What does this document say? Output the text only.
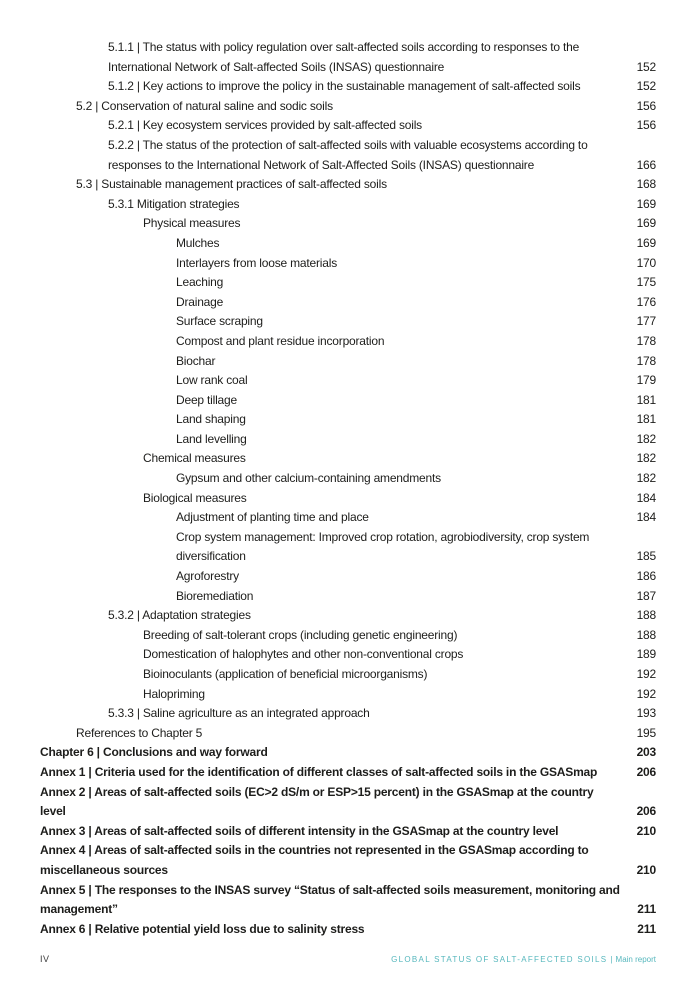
5.1.1 | The status with policy regulation over salt-affected soils according to responses to the International Network of Salt-affected Soils (INSAS) questionnaire	152
5.1.2 | Key actions to improve the policy in the sustainable management of salt-affected soils	152
5.2 | Conservation of natural saline and sodic soils	156
5.2.1 | Key ecosystem services provided by salt-affected soils	156
5.2.2 | The status of the protection of salt-affected soils with valuable ecosystems according to responses to the International Network of Salt-Affected Soils (INSAS) questionnaire	166
5.3 | Sustainable management practices of salt-affected soils	168
5.3.1 Mitigation strategies	169
Physical measures	169
Mulches	169
Interlayers from loose materials	170
Leaching	175
Drainage	176
Surface scraping	177
Compost and plant residue incorporation	178
Biochar	178
Low rank coal	179
Deep tillage	181
Land shaping	181
Land levelling	182
Chemical measures	182
Gypsum and other calcium-containing amendments	182
Biological measures	184
Adjustment of planting time and place	184
Crop system management: Improved crop rotation, agrobiodiversity, crop system diversification	185
Agroforestry	186
Bioremediation	187
5.3.2 | Adaptation strategies	188
Breeding of salt-tolerant crops (including genetic engineering)	188
Domestication of halophytes and other non-conventional crops	189
Bioinoculants (application of beneficial microorganisms)	192
Halopriming	192
5.3.3 | Saline agriculture as an integrated approach	193
References to Chapter 5	195
Chapter 6 | Conclusions and way forward	203
Annex 1 | Criteria used for the identification of different classes of salt-affected soils in the GSASmap	206
Annex 2 | Areas of salt-affected soils (EC>2 dS/m or ESP>15 percent) in the GSASmap at the country level	206
Annex 3 | Areas of salt-affected soils of different intensity in the GSASmap at the country level	210
Annex 4 | Areas of salt-affected soils in the countries not represented in the GSASmap according to miscellaneous sources	210
Annex 5 | The responses to the INSAS survey “Status of salt-affected soils measurement, monitoring and management”	211
Annex 6 | Relative potential yield loss due to salinity stress	211
IV	GLOBAL STATUS OF SALT-AFFECTED SOILS | Main report
